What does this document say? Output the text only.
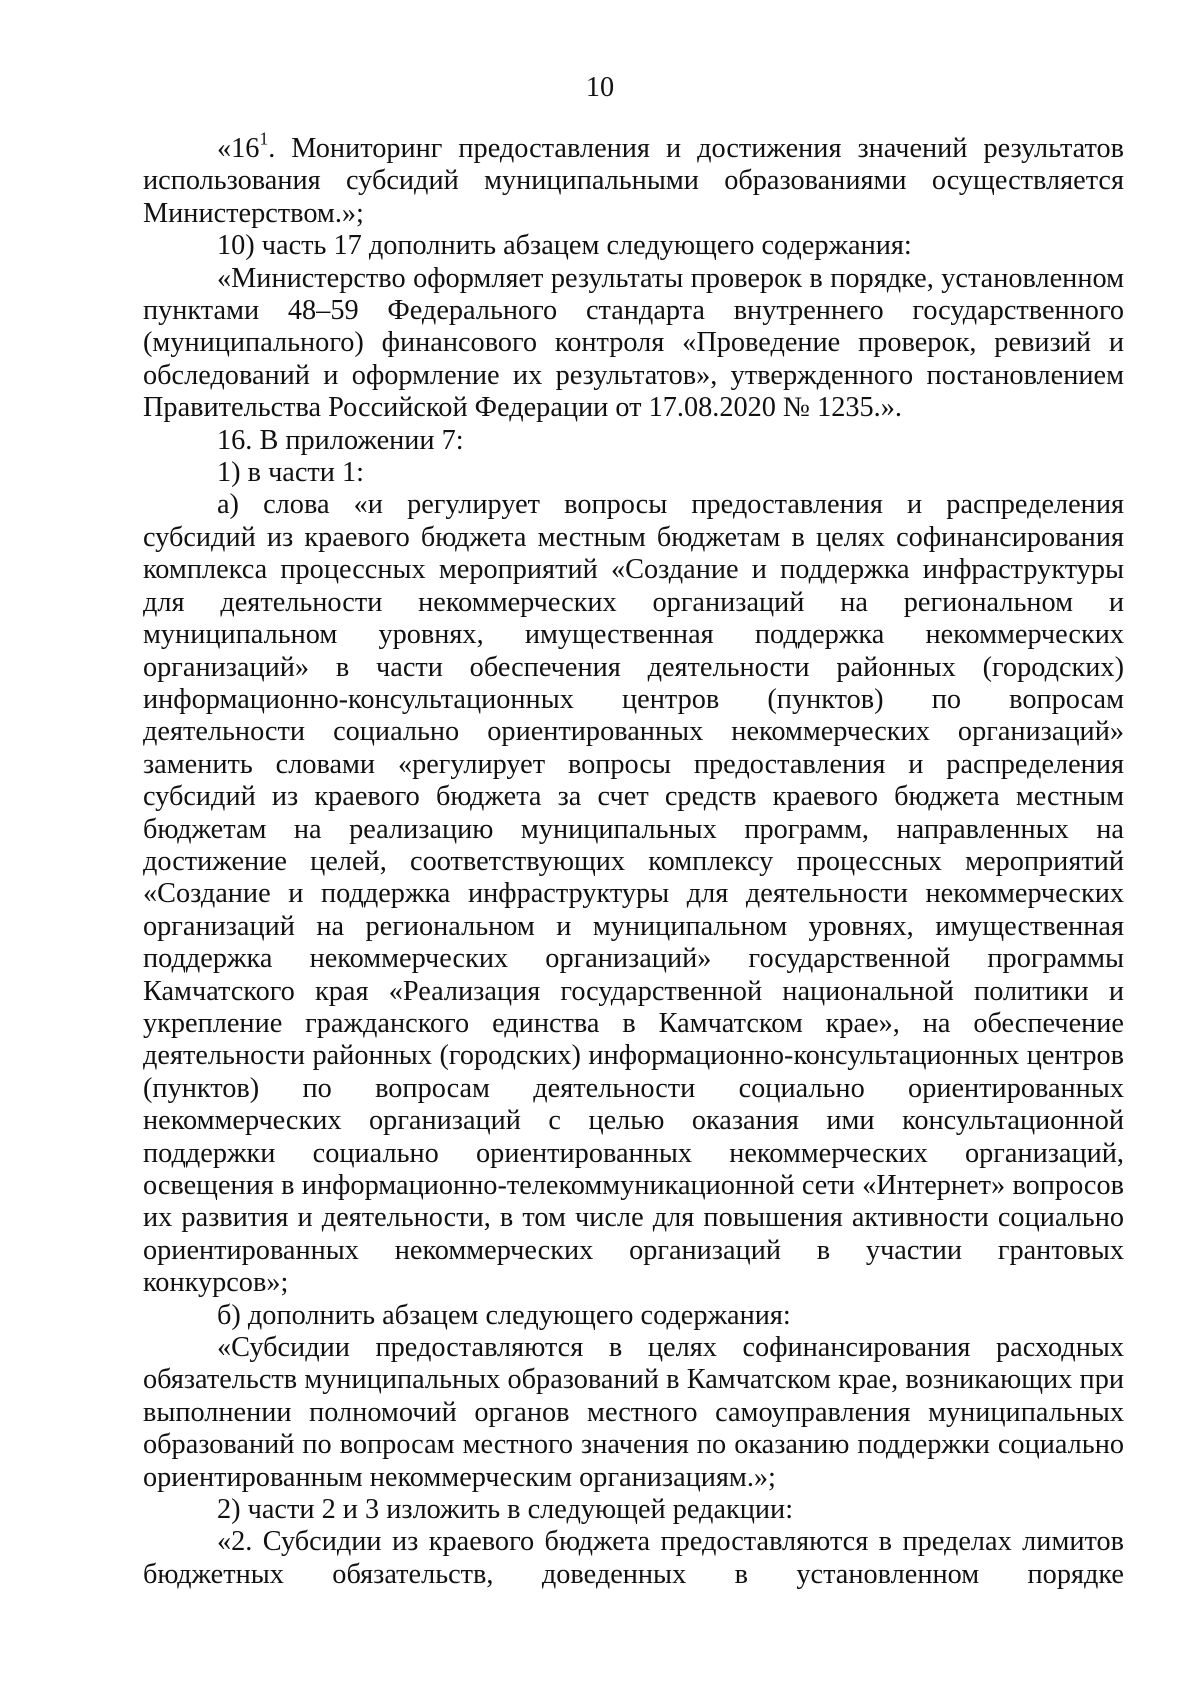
10

«$16^1$. Мониторинг предоставления и достижения значений результатов использования субсидий муниципальными образованиями осуществляется Министерством.»;

10) часть 17 дополнить абзацем следующего содержания:

«Министерство оформляет результаты проверок в порядке, установленном пунктами 48–59 Федерального стандарта внутреннего государственного (муниципального) финансового контроля «Проведение проверок, ревизий и обследований и оформление их результатов», утвержденного постановлением Правительства Российской Федерации от 17.08.2020 № 1235.».

16. В приложении 7:

1) в части 1:

а) слова «и регулирует вопросы предоставления и распределения субсидий из краевого бюджета местным бюджетам в целях софинансирования комплекса процессных мероприятий «Создание и поддержка инфраструктуры для деятельности некоммерческих организаций на региональном и муниципальном уровнях, имущественная поддержка некоммерческих организаций» в части обеспечения деятельности районных (городских) информационно-консультационных центров (пунктов) по вопросам деятельности социально ориентированных некоммерческих организаций» заменить словами «регулирует вопросы предоставления и распределения субсидий из краевого бюджета за счет средств краевого бюджета местным бюджетам на реализацию муниципальных программ, направленных на достижение целей, соответствующих комплексу процессных мероприятий «Создание и поддержка инфраструктуры для деятельности некоммерческих организаций на региональном и муниципальном уровнях, имущественная поддержка некоммерческих организаций» государственной программы Камчатского края «Реализация государственной национальной политики и укрепление гражданского единства в Камчатском крае», на обеспечение деятельности районных (городских) информационно-консультационных центров (пунктов) по вопросам деятельности социально ориентированных некоммерческих организаций с целью оказания ими консультационной поддержки социально ориентированных некоммерческих организаций, освещения в информационно-телекоммуникационной сети «Интернет» вопросов их развития и деятельности, в том числе для повышения активности социально ориентированных некоммерческих организаций в участии грантовых конкурсов»;

б) дополнить абзацем следующего содержания:

«Субсидии предоставляются в целях софинансирования расходных обязательств муниципальных образований в Камчатском крае, возникающих при выполнении полномочий органов местного самоуправления муниципальных образований по вопросам местного значения по оказанию поддержки социально ориентированным некоммерческим организациям.»;

2) части 2 и 3 изложить в следующей редакции:

«2. Субсидии из краевого бюджета предоставляются в пределах лимитов бюджетных обязательств, доведенных в установленном порядке
